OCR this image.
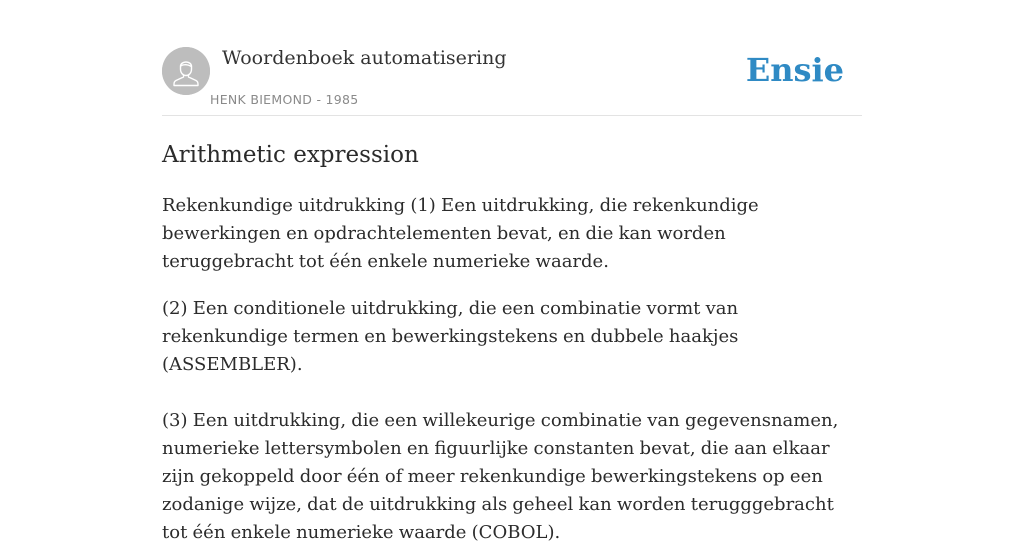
Woordenboek automatisering
HENK BIEMOND - 1985
Ensie
Arithmetic expression

Rekenkundige uitdrukking (1) Een uitdrukking, die rekenkundige bewerkingen en opdrachtelementen bevat, en die kan worden teruggebracht tot één enkele numerieke waarde.

(2) Een conditionele uitdrukking, die een combinatie vormt van rekenkundige termen en bewerkingstekens en dubbele haakjes (ASSEMBLER).

(3) Een uitdrukking, die een willekeurige combinatie van gegevensnamen, numerieke lettersymbolen en figuurlijke constanten bevat, die aan elkaar zijn gekoppeld door één of meer rekenkundige bewerkingstekens op een zodanige wijze, dat de uitdrukking als geheel kan worden terugggebracht tot één enkele numerieke waarde (COBOL).
